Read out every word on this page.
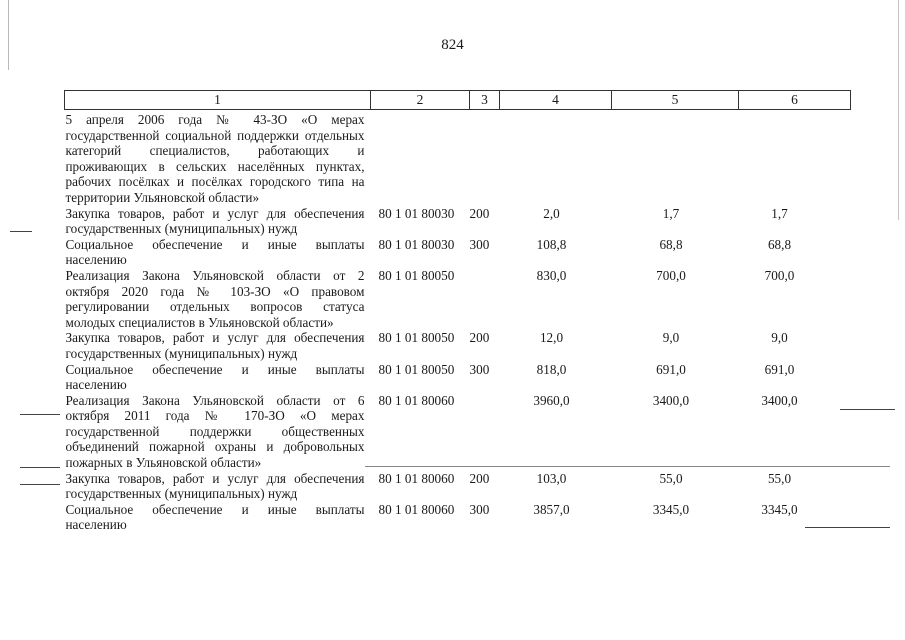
824
1	2	3	4	5	6
5 апреля 2006 года № 43-ЗО «О мерах государственной социальной поддержки отдельных категорий специалистов, работающих и проживающих в сельских населённых пунктах, рабочих посёлках и посёлках городского типа на территории Ульяновской области»					
Закупка товаров, работ и услуг для обеспечения государственных (муниципальных) нужд	80 1 01 80030	200	2,0	1,7	1,7
Социальное обеспечение и иные выплаты населению	80 1 01 80030	300	108,8	68,8	68,8
Реализация Закона Ульяновской области от 2 октября 2020 года № 103-ЗО «О правовом регулировании отдельных вопросов статуса молодых специалистов в Ульяновской области»	80 1 01 80050		830,0	700,0	700,0
Закупка товаров, работ и услуг для обеспечения государственных (муниципальных) нужд	80 1 01 80050	200	12,0	9,0	9,0
Социальное обеспечение и иные выплаты населению	80 1 01 80050	300	818,0	691,0	691,0
Реализация Закона Ульяновской области от 6 октября 2011 года № 170-ЗО «О мерах государственной поддержки общественных объединений пожарной охраны и добровольных пожарных в Ульяновской области»	80 1 01 80060		3960,0	3400,0	3400,0
Закупка товаров, работ и услуг для обеспечения государственных (муниципальных) нужд	80 1 01 80060	200	103,0	55,0	55,0
Социальное обеспечение и иные выплаты населению	80 1 01 80060	300	3857,0	3345,0	3345,0
